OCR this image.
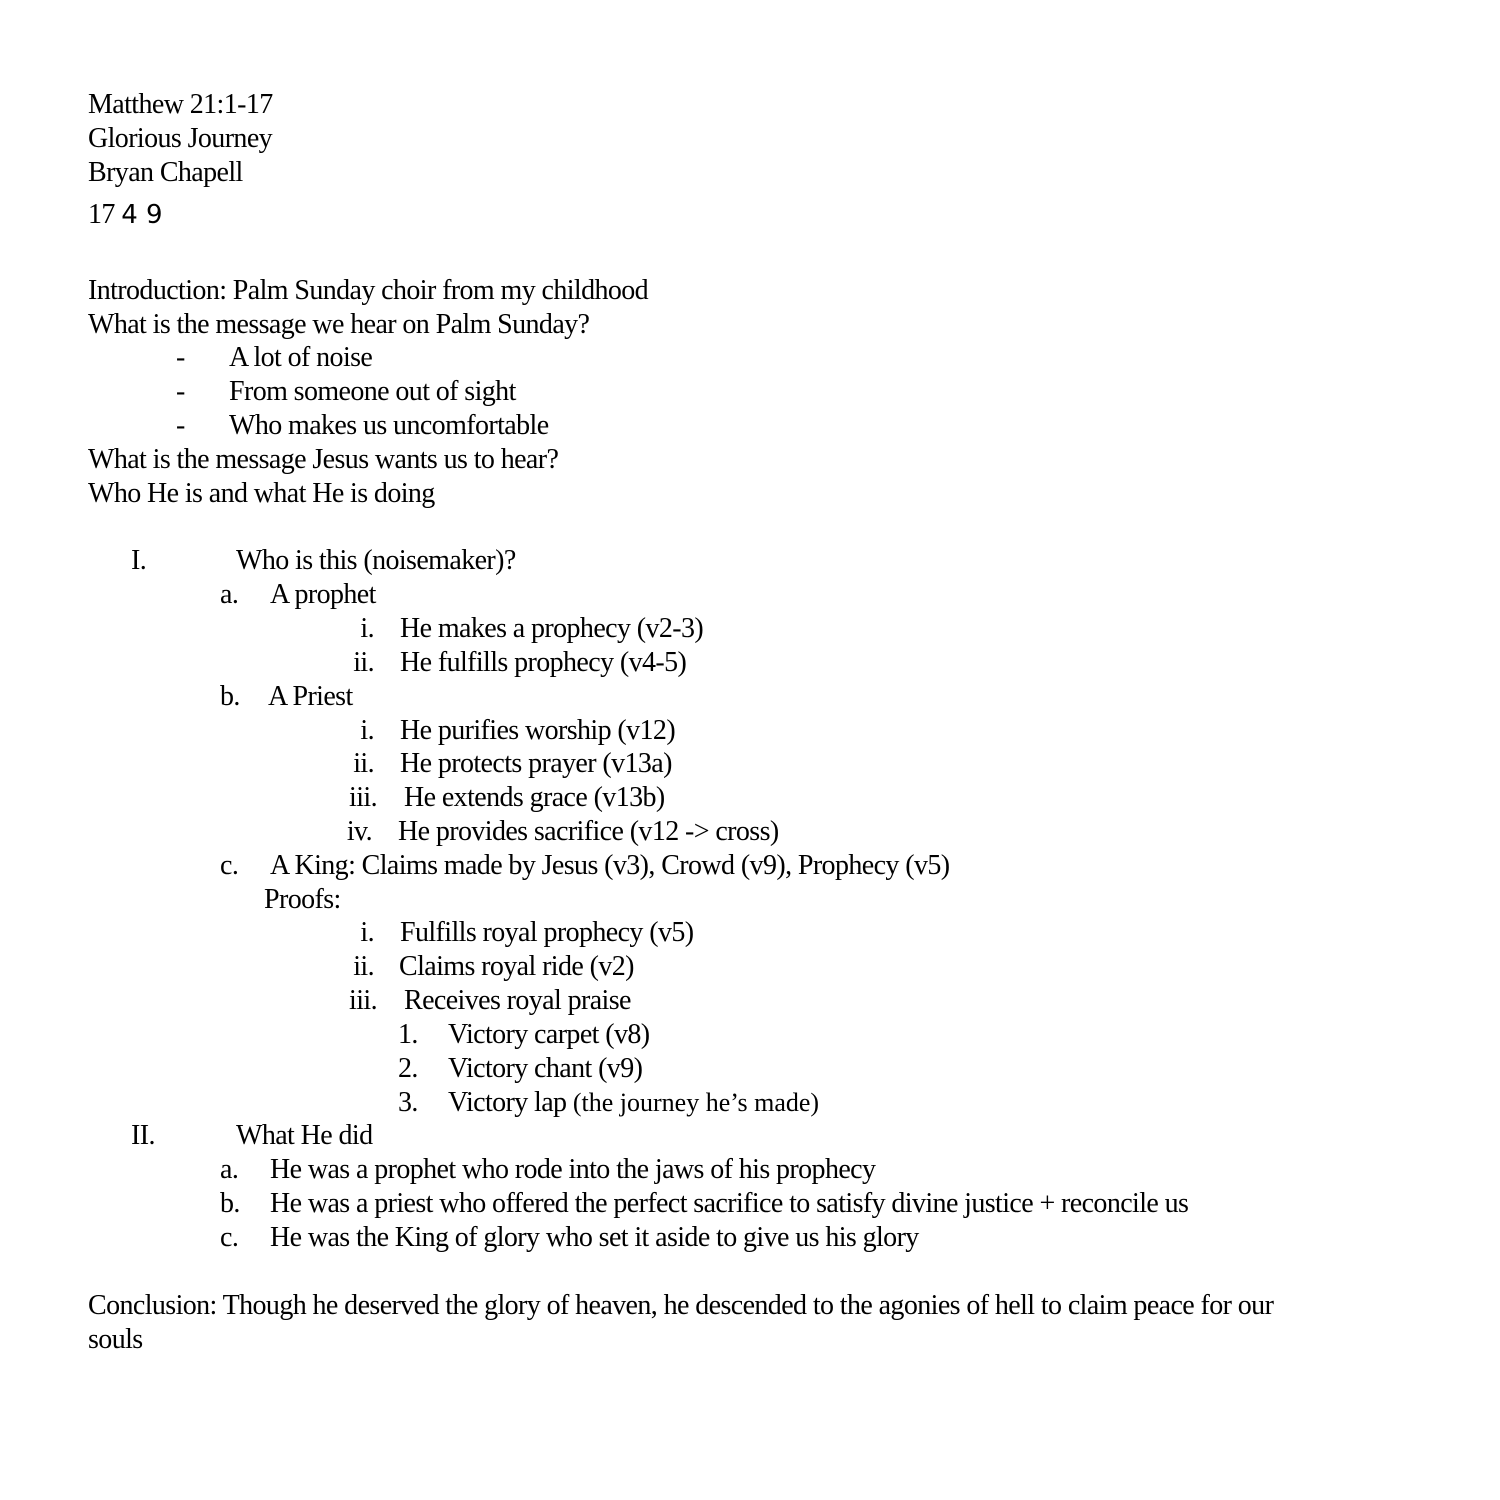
Matthew 21:1-17
Glorious Journey
Bryan Chapell
17 4 9
Introduction: Palm Sunday choir from my childhood
What is the message we hear on Palm Sunday?
- A lot of noise
- From someone out of sight
- Who makes us uncomfortable
What is the message Jesus wants us to hear?
Who He is and what He is doing
I.	Who is this (noisemaker)?
a. A prophet
i. He makes a prophecy (v2-3)
ii. He fulfills prophecy (v4-5)
b. A Priest
i. He purifies worship (v12)
ii. He protects prayer (v13a)
iii. He extends grace (v13b)
iv. He provides sacrifice (v12 -> cross)
c. A King: Claims made by Jesus (v3), Crowd (v9), Prophecy (v5)
Proofs:
i. Fulfills royal prophecy (v5)
ii. Claims royal ride (v2)
iii. Receives royal praise
1. Victory carpet (v8)
2. Victory chant (v9)
3. Victory lap (the journey he’s made)
II.	What He did
a. He was a prophet who rode into the jaws of his prophecy
b. He was a priest who offered the perfect sacrifice to satisfy divine justice + reconcile us
c. He was the King of glory who set it aside to give us his glory
Conclusion: Though he deserved the glory of heaven, he descended to the agonies of hell to claim peace for our
souls
